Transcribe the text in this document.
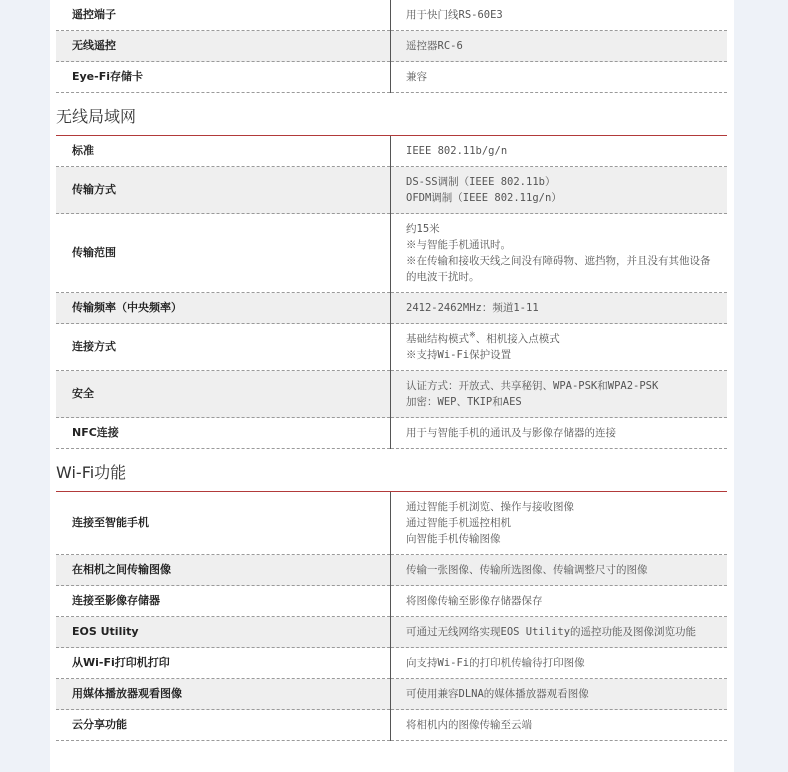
遥控端子	用于快门线RS-60E3

无线遥控	遥控器RC-6

Eye-Fi存储卡	兼容
无线局域网
标准	IEEE 802.11b/g/n

传输方式	DS-SS调制（IEEE 802.11b）
OFDM调制（IEEE 802.11g/n）

传输范围	约15米
※与智能手机通讯时。
※在传输和接收天线之间没有障碍物、遮挡物，并且没有其他设备的电波干扰时。

传输频率（中央频率）	2412-2462MHz：频道1-11

连接方式	基础结构模式※、相机接入点模式
※支持Wi-Fi保护设置

安全	认证方式：开放式、共享秘钥、WPA-PSK和WPA2-PSK
加密：WEP、TKIP和AES

NFC连接	用于与智能手机的通讯及与影像存储器的连接
Wi-Fi功能
连接至智能手机	通过智能手机浏览、操作与接收图像
通过智能手机遥控相机
向智能手机传输图像

在相机之间传输图像	传输一张图像、传输所选图像、传输调整尺寸的图像

连接至影像存储器	将图像传输至影像存储器保存

EOS Utility	可通过无线网络实现EOS Utility的遥控功能及图像浏览功能

从Wi-Fi打印机打印	向支持Wi-Fi的打印机传输待打印图像

用媒体播放器观看图像	可使用兼容DLNA的媒体播放器观看图像

云分享功能	将相机内的图像传输至云端
